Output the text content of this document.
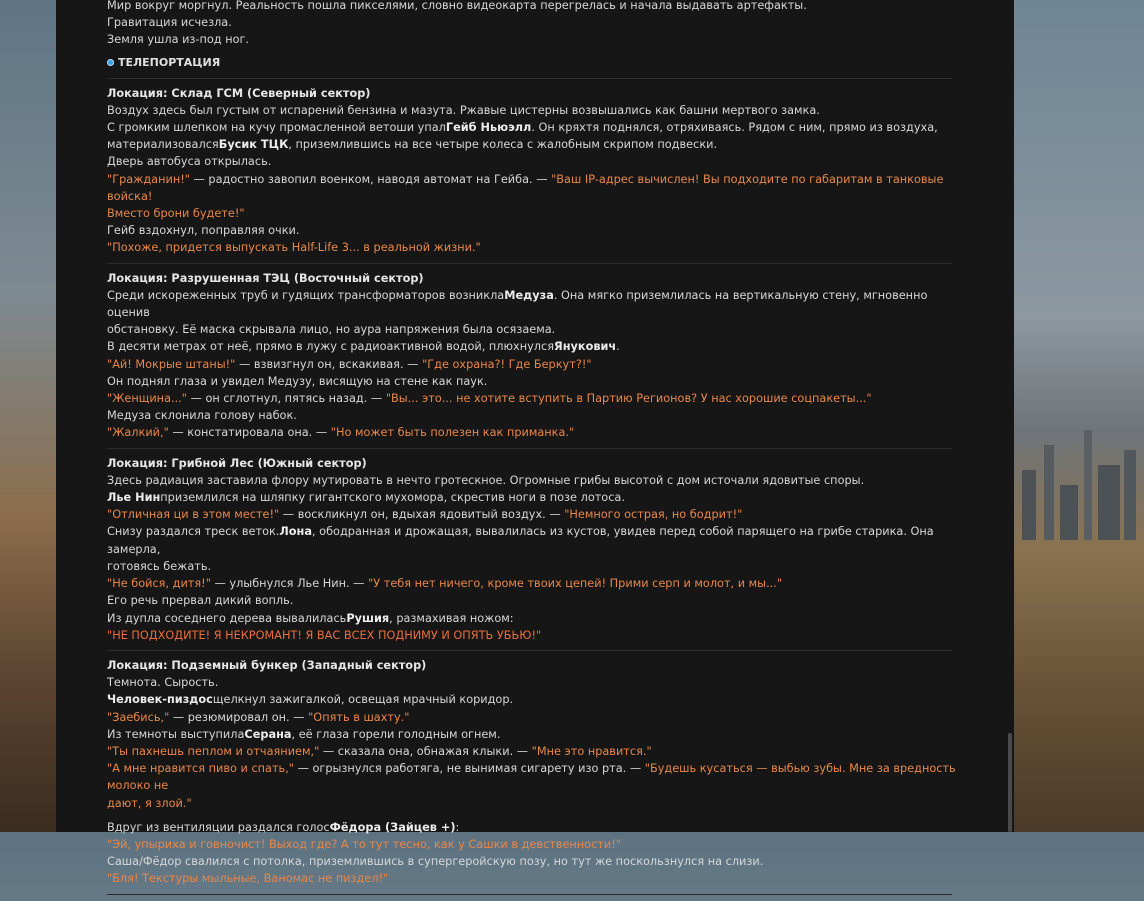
Мир вокруг моргнул. Реальность пошла пикселями, словно видеокарта перегрелась и начала выдавать артефакты.
Гравитация исчезла.
Земля ушла из-под ног.
ТЕЛЕПОРТАЦИЯ
Локация: Склад ГСМ (Северный сектор)
Воздух здесь был густым от испарений бензина и мазута. Ржавые цистерны возвышались как башни мертвого замка.
С громким шлепком на кучу промасленной ветоши упалГейб Ньюэлл. Он кряхтя поднялся, отряхиваясь. Рядом с ним, прямо из воздуха,
материализовалсяБусик ТЦК, приземлившись на все четыре колеса с жалобным скрипом подвески.
Дверь автобуса открылась.
"Гражданин!" — радостно завопил военком, наводя автомат на Гейба. — "Ваш IP-адрес вычислен! Вы подходите по габаритам в танковые войска!
Вместо брони будете!"
Гейб вздохнул, поправляя очки.
"Похоже, придется выпускать Half-Life 3... в реальной жизни."
Локация: Разрушенная ТЭЦ (Восточный сектор)
Среди искореженных труб и гудящих трансформаторов возниклаМедуза. Она мягко приземлилась на вертикальную стену, мгновенно оценив
обстановку. Её маска скрывала лицо, но аура напряжения была осязаема.
В десяти метрах от неё, прямо в лужу с радиоактивной водой, плюхнулсяЯнукович.
"Ай! Мокрые штаны!" — взвизгнул он, вскакивая. — "Где охрана?! Где Беркут?!"
Он поднял глаза и увидел Медузу, висящую на стене как паук.
"Женщина..." — он сглотнул, пятясь назад. — "Вы... это... не хотите вступить в Партию Регионов? У нас хорошие соцпакеты..."
Медуза склонила голову набок.
"Жалкий," — констатировала она. — "Но может быть полезен как приманка."
Локация: Грибной Лес (Южный сектор)
Здесь радиация заставила флору мутировать в нечто гротескное. Огромные грибы высотой с дом источали ядовитые споры.
Лье Нинприземлился на шляпку гигантского мухомора, скрестив ноги в позе лотоса.
"Отличная ци в этом месте!" — воскликнул он, вдыхая ядовитый воздух. — "Немного острая, но бодрит!"
Снизу раздался треск веток.Лона, ободранная и дрожащая, вывалилась из кустов, увидев перед собой парящего на грибе старика. Она замерла,
готовясь бежать.
"Не бойся, дитя!" — улыбнулся Лье Нин. — "У тебя нет ничего, кроме твоих цепей! Прими серп и молот, и мы..."
Его речь прервал дикий вопль.
Из дупла соседнего дерева вывалиласьРушия, размахивая ножом:
"НЕ ПОДХОДИТЕ! Я НЕКРОМАНТ! Я ВАС ВСЕХ ПОДНИМУ И ОПЯТЬ УБЬЮ!"
Локация: Подземный бункер (Западный сектор)
Темнота. Сырость.
Человек-пиздосщелкнул зажигалкой, освещая мрачный коридор.
"Заебись," — резюмировал он. — "Опять в шахту."
Из темноты выступилаСерана, её глаза горели голодным огнем.
"Ты пахнешь пеплом и отчаянием," — сказала она, обнажая клыки. — "Мне это нравится."
"А мне нравится пиво и спать," — огрызнулся работяга, не вынимая сигарету изо рта. — "Будешь кусаться — выбью зубы. Мне за вредность молоко не
дают, я злой."
Вдруг из вентиляции раздался голосФёдора (Зайцев +):
"Эй, упыриха и говночист! Выход где? А то тут тесно, как у Сашки в девственности!"
Саша/Фёдор свалился с потолка, приземлившись в супергеройскую позу, но тут же поскользнулся на слизи.
"Бля! Текстуры мыльные, Ваномас не пиздел!"
